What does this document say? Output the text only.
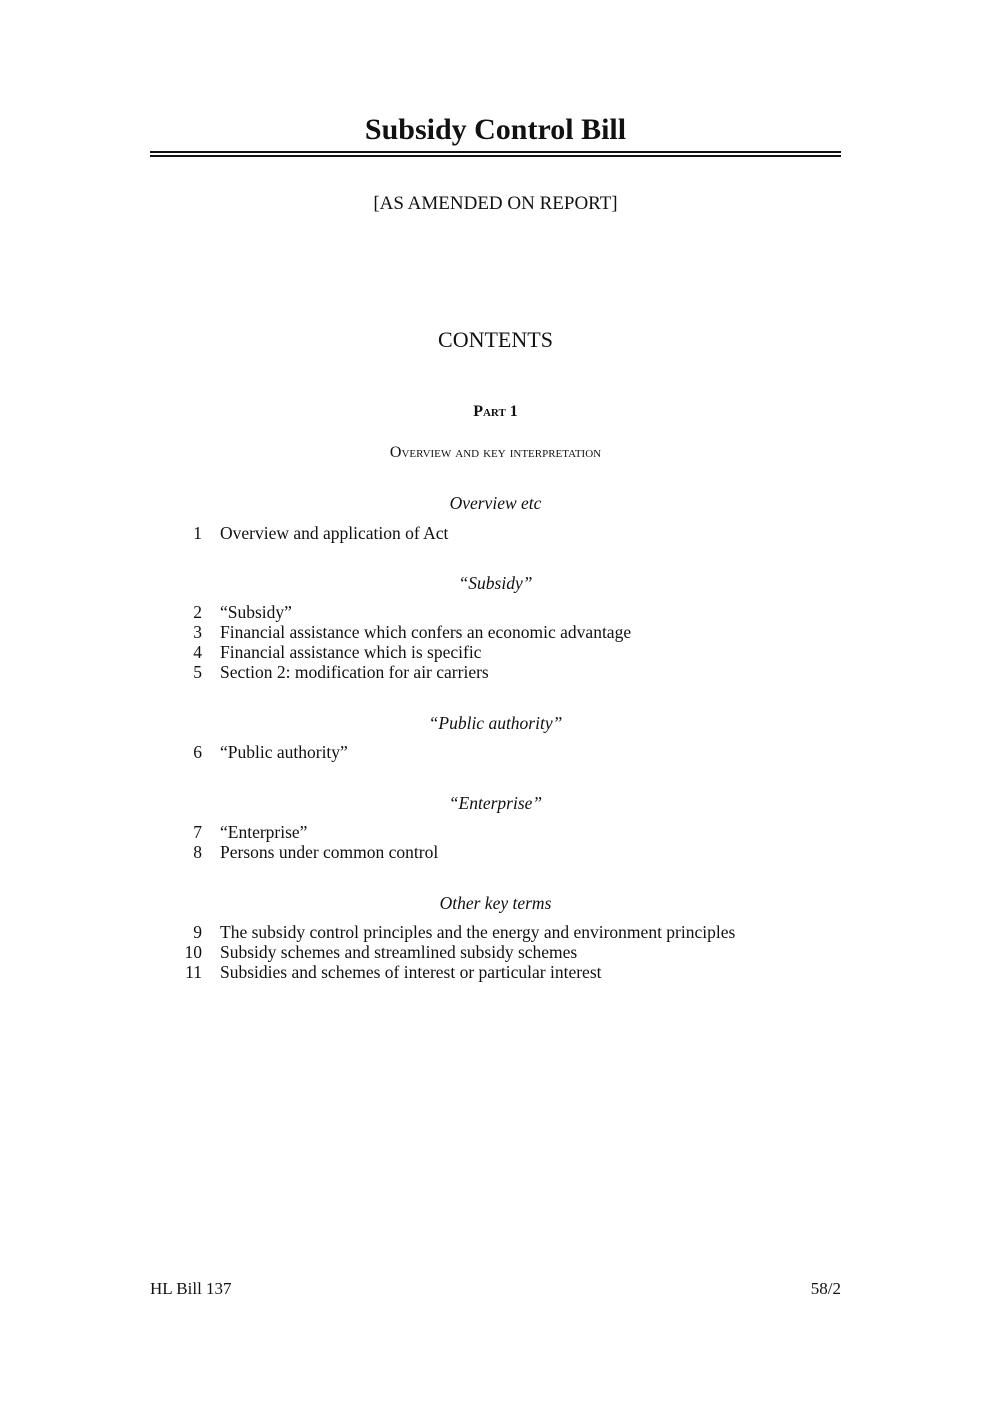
Subsidy Control Bill
[AS AMENDED ON REPORT]
CONTENTS
Part 1
Overview and key interpretation
Overview etc
1 Overview and application of Act
“Subsidy”
2 “Subsidy”
3 Financial assistance which confers an economic advantage
4 Financial assistance which is specific
5 Section 2: modification for air carriers
“Public authority”
6 “Public authority”
“Enterprise”
7 “Enterprise”
8 Persons under common control
Other key terms
9 The subsidy control principles and the energy and environment principles
10 Subsidy schemes and streamlined subsidy schemes
11 Subsidies and schemes of interest or particular interest
HL Bill 137	58/2
